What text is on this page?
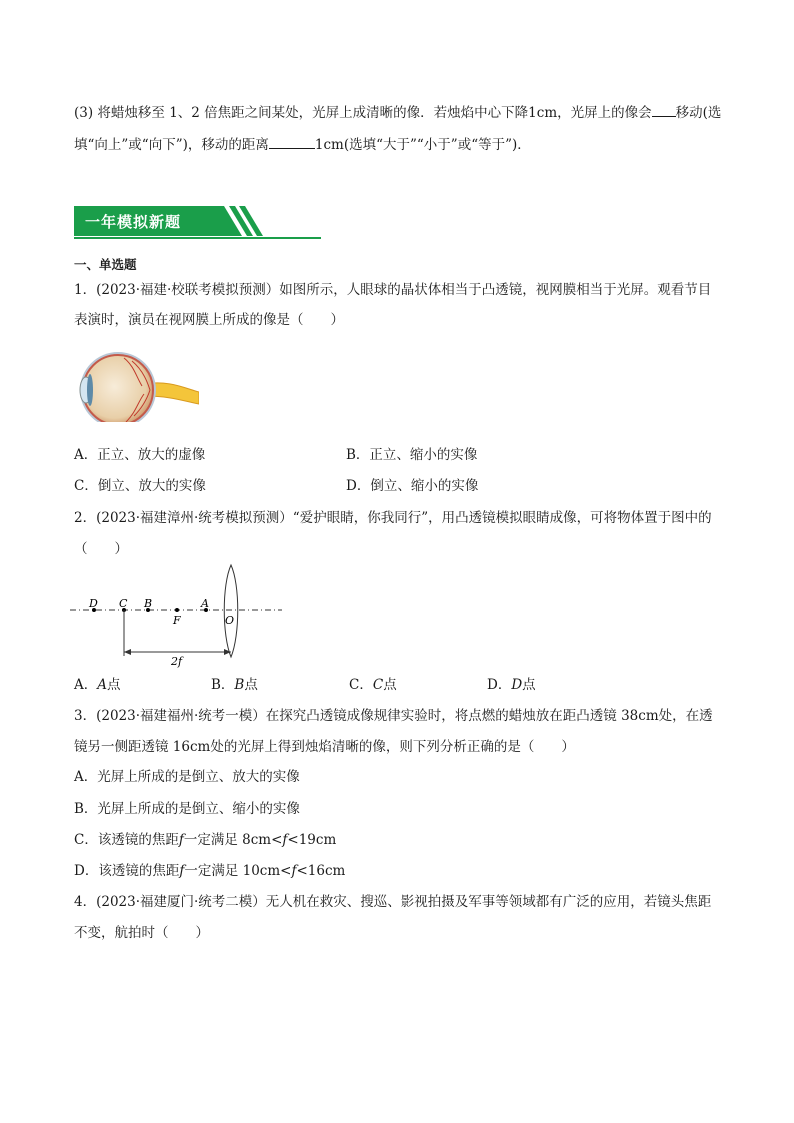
(3) 将蜡烛移至 1、2 倍焦距之间某处，光屏上成清晰的像．若烛焰中心下降1cm，光屏上的像会 移动(选
填“向上”或“向下”)，移动的距离	1cm(选填“大于”“小于”或“等于”)．
一年模拟新题
一、单选题
1．(2023·福建·校联考模拟预测）如图所示，人眼球的晶状体相当于凸透镜，视网膜相当于光屏。观看节目
表演时，演员在视网膜上所成的像是（　　）
A．正立、放大的虚像	B．正立、缩小的实像
C．倒立、放大的实像	D．倒立、缩小的实像
2．(2023·福建漳州·统考模拟预测）“爱护眼睛，你我同行”，用凸透镜模拟眼睛成像，可将物体置于图中的
（　　）
D C B
F
A
O
2f
A．A点	B．B点	C．C点	D．D点
3．(2023·福建福州·统考一模）在探究凸透镜成像规律实验时，将点燃的蜡烛放在距凸透镜 38cm处，在透
镜另一侧距透镜 16cm处的光屏上得到烛焰清晰的像，则下列分析正确的是（　　）
A．光屏上所成的是倒立、放大的实像
B．光屏上所成的是倒立、缩小的实像
C．该透镜的焦距f一定满足 8cm<f<19cm
D．该透镜的焦距f一定满足 10cm<f<16cm
4．(2023·福建厦门·统考二模）无人机在救灾、搜巡、影视拍摄及军事等领域都有广泛的应用，若镜头焦距
不变，航拍时（　　）
